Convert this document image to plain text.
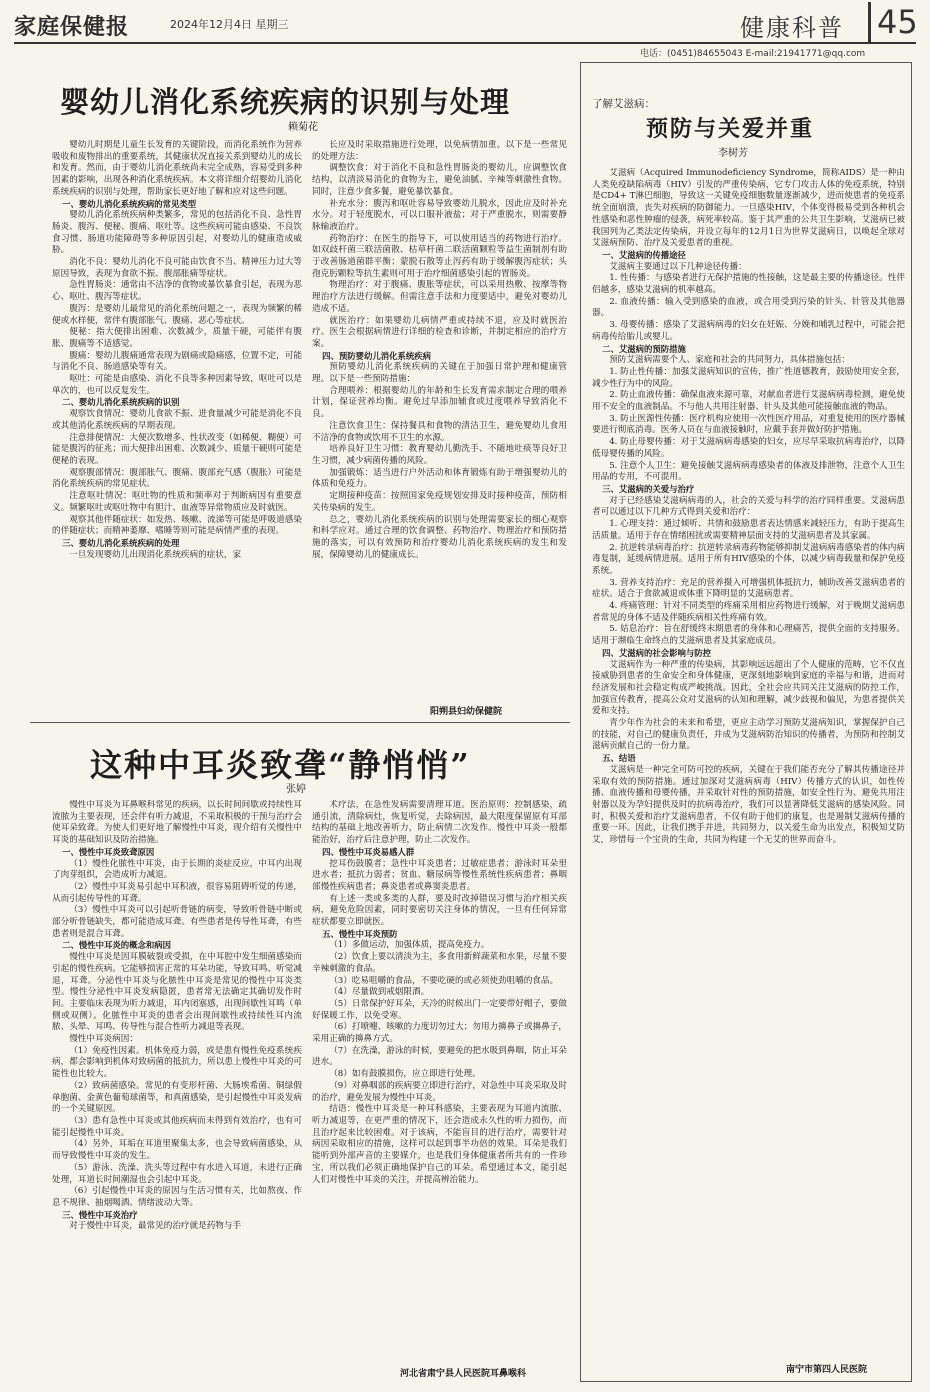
家庭保健报	2024年12月4日 星期三	健康科普 45
电话：(0451)84655043 E-mail:21941771@qq.com
婴幼儿消化系统疾病的识别与处理
赖菊花

婴幼儿时期是儿童生长发育的关键阶段，而消化系统作为营养吸收和废物排出的重要系统，其健康状况直接关系到婴幼儿的成长和发育。然而，由于婴幼儿消化系统尚未完全成熟，容易受到多种因素的影响，出现各种消化系统疾病。本文将详细介绍婴幼儿消化系统疾病的识别与处理，帮助家长更好地了解和应对这些问题。

一、婴幼儿消化系统疾病的常见类型

婴幼儿消化系统疾病种类繁多，常见的包括消化不良、急性胃肠炎、腹泻、便秘、腹痛、呕吐等。这些疾病可能由感染、不良饮食习惯、肠道功能障碍等多种原因引起，对婴幼儿的健康造成威胁。

消化不良：婴幼儿消化不良可能由饮食不当、精神压力过大等原因导致，表现为食欲不振、腹部胀痛等症状。

急性胃肠炎：通常由不洁净的食物或暴饮暴食引起，表现为恶心、呕吐、腹泻等症状。

腹泻：是婴幼儿最常见的消化系统问题之一，表现为频繁的稀便或水样便，常伴有腹部胀气、腹痛、恶心等症状。

便秘：指大便排出困难、次数减少，质量干硬，可能伴有腹胀、腹痛等不适感觉。

腹痛：婴幼儿腹痛通常表现为剧痛或隐痛感，位置不定，可能与消化不良、肠道感染等有关。

呕吐：可能是由感染、消化不良等多种因素导致，呕吐可以是单次的，也可以反复发生。

二、婴幼儿消化系统疾病的识别

观察饮食情况：婴幼儿食欲不振、进食量减少可能是消化不良或其他消化系统疾病的早期表现。

注意排便情况：大便次数增多、性状改变（如稀便、糊便）可能是腹泻的征兆；而大便排出困难、次数减少、质量干硬则可能是便秘的表现。

观察腹部情况：腹部胀气、腹痛、腹部充气感（腹胀）可能是消化系统疾病的常见症状。

注意呕吐情况：呕吐物的性质和频率对于判断病因有重要意义。频繁呕吐或呕吐物中有胆汁、血液等异常物质应及时就医。

观察其他伴随症状：如发热、咳嗽、流涕等可能是呼吸道感染的伴随症状；而精神萎靡、嗜睡等则可能是病情严重的表现。

三、婴幼儿消化系统疾病的处理

一旦发现婴幼儿出现消化系统疾病的症状，家

长应及时采取措施进行处理，以免病情加重。以下是一些常见的处理方法：

调整饮食：对于消化不良和急性胃肠炎的婴幼儿，应调整饮食结构，以清淡易消化的食物为主，避免油腻、辛辣等刺激性食物。同时，注意少食多餐，避免暴饮暴食。

补充水分：腹泻和呕吐容易导致婴幼儿脱水，因此应及时补充水分。对于轻度脱水，可以口服补液盐；对于严重脱水，则需要静脉输液治疗。

药物治疗：在医生的指导下，可以使用适当的药物进行治疗。如双歧杆菌三联活菌散、枯草杆菌二联活菌颗粒等益生菌制剂有助于改善肠道菌群平衡；蒙脱石散等止泻药有助于缓解腹泻症状；头孢克肟颗粒等抗生素则可用于治疗细菌感染引起的胃肠炎。

物理治疗：对于腹痛、腹胀等症状，可以采用热敷、按摩等物理治疗方法进行缓解。但需注意手法和力度要适中，避免对婴幼儿造成不适。

就医治疗：如果婴幼儿病情严重或持续不退，应及时就医治疗。医生会根据病情进行详细的检查和诊断，并制定相应的治疗方案。

四、预防婴幼儿消化系统疾病

预防婴幼儿消化系统疾病的关键在于加强日常护理和健康管理。以下是一些预防措施：

合理喂养：根据婴幼儿的年龄和生长发育需求制定合理的喂养计划，保证营养均衡。避免过早添加辅食或过度喂养导致消化不良。

注意饮食卫生：保持餐具和食物的清洁卫生，避免婴幼儿食用不洁净的食物或饮用不卫生的水源。

培养良好卫生习惯：教育婴幼儿勤洗手、不随地吐痰等良好卫生习惯，减少病菌传播的风险。

加强锻炼：适当进行户外活动和体育锻炼有助于增强婴幼儿的体质和免疫力。

定期接种疫苗：按照国家免疫规划安排及时接种疫苗，预防相关传染病的发生。

总之，婴幼儿消化系统疾病的识别与处理需要家长的细心观察和科学应对。通过合理的饮食调整、药物治疗、物理治疗和预防措施的落实，可以有效预防和治疗婴幼儿消化系统疾病的发生和发展，保障婴幼儿的健康成长。

阳朔县妇幼保健院
这种中耳炎致聋“静悄悄”
张婷

慢性中耳炎为耳鼻喉科常见的疾病，以长时间间歇或持续性耳流脓为主要表现，还会伴有听力减退，不采取积极的干预与治疗会使耳朵致聋。为使人们更好地了解慢性中耳炎，现介绍有关慢性中耳炎的基础知识及防治措施。

一、慢性中耳炎致聋原因

（1）慢性化脓性中耳炎，由于长期的炎症反应，中耳内出现了肉芽组织，会造成听力减退。

（2）慢性中耳炎易引起中耳积液，很容易阻碍听觉的传递，从而引起传导性的耳聋。

（3）慢性中耳炎可以引起听骨链的病变，导致听骨链中断或部分听骨链缺失，都可能造成耳聋。有些患者是传导性耳聋，有些患者则是混合耳聋。

二、慢性中耳炎的概念和病因

慢性中耳炎是因耳膜破裂或受损，在中耳腔中发生细菌感染而引起的慢性疾病。它能够损害正常的耳朵功能，导致耳鸣、听觉减退，耳聋。分泌性中耳炎与化脓性中耳炎是常见的慢性中耳炎类型。慢性分泌性中耳炎发病隐匿，患者常无法确定其确切发作时间。主要临床表现为听力减退，耳内闭塞感，出现间歇性耳鸣（单侧或双侧）。化脓性中耳炎的患者会出现间歇性或持续性耳内流脓、头晕、耳鸣、传导性与混合性听力减退等表现。

慢性中耳炎病因：

（1）免疫性因素。机体免疫力弱，或是患有慢性免疫系统疾病，都会影响到机体对致病菌的抵抗力，所以患上慢性中耳炎的可能性也比较大。

（2）致病菌感染。常见的有变形杆菌、大肠埃希菌、铜绿假单胞菌、金黄色葡萄球菌等，和真菌感染，是引起慢性中耳炎发病的一个关键原因。

（3）患有急性中耳炎或其他疾病而未得到有效治疗，也有可能引起慢性中耳炎。

（4）另外，耳垢在耳道里聚集太多，也会导致病菌感染，从而导致慢性中耳炎的发生。

（5）游泳、洗澡、洗头等过程中有水进入耳道，未进行正确处理，耳道长时间潮湿也会引起中耳炎。

（6）引起慢性中耳炎的原因与生活习惯有关，比如熬夜、作息不规律、抽烟喝酒、情绪波动大等。

三、慢性中耳炎治疗

对于慢性中耳炎，最常见的治疗就是药物与手

术疗法，在急性发病需要清理耳道。医治原则：控制感染，疏通引流，清除病灶，恢复听觉，去除病因，最大限度保留原有耳部结构的基础上地改善听力，防止病情二次发作。慢性中耳炎一般都能治好，治疗后注意护理，防止二次发作。

四、慢性中耳炎易感人群

挖耳伤鼓膜者；急性中耳炎患者；过敏症患者；游泳时耳朵里进水者；抵抗力弱者；贫血、糖尿病等慢性系统性疾病患者；鼻咽部慢性疾病患者；鼻炎患者或鼻窦炎患者。

有上述一类或多类的人群，要及时改掉错误习惯与治疗相关疾病，避免危险因素，同时要密切关注身体的情况，一旦有任何异常症状都要立即就医。

五、慢性中耳炎预防

（1）多做运动，加强体质，提高免疫力。

（2）饮食上要以清淡为主，多食用新鲜蔬菜和水果，尽量不要辛辣刺激的食品。

（3）吃易咀嚼的食品，不要吃硬的或必须使劲咀嚼的食品。

（4）尽量做到戒烟限酒。

（5）日常保护好耳朵，天冷的时候出门一定要带好帽子，要做好保暖工作，以免受寒。

（6）打喷嚏、咳嗽的力度切勿过大；勿用力擤鼻子或擤鼻子，采用正确的擤鼻方式。

（7）在洗澡，游泳的时候，要避免的把水吸到鼻咽，防止耳朵进水。

（8）如有鼓膜损伤，应立即进行处理。

（9）对鼻咽部的疾病要立即进行治疗，对急性中耳炎采取及时的治疗，避免发展为慢性中耳炎。

结语：慢性中耳炎是一种耳科感染，主要表现为耳道内流脓、听力减退等，在更严重的情况下，还会造成永久性的听力损伤，而且治疗起来比较困难。对于该病，不能盲目的进行治疗，需要针对病因采取相应的措施，这样可以起到事半功倍的效果。耳朵是我们能听到外部声音的主要媒介，也是我们身体健康者所共有的一件珍宝，所以我们必须正确地保护自己的耳朵。希望通过本文，能引起人们对慢性中耳炎的关注，并提高辨治能力。

河北省肃宁县人民医院耳鼻喉科
了解艾滋病：
预防与关爱并重
李树芳

艾滋病（Acquired Immunodeficiency Syndrome，简称AIDS）是一种由人类免疫缺陷病毒（HIV）引发的严重传染病，它专门攻击人体的免疫系统，特别是CD4+ T淋巴细胞，导致这一关键免疫细胞数量逐渐减少，进而使患者的免疫系统全面崩溃，丧失对疾病的防御能力。一旦感染HIV，个体变得极易受到各种机会性感染和恶性肿瘤的侵袭，病死率较高。鉴于其严重的公共卫生影响，艾滋病已被我国列为乙类法定传染病，并设立每年的12月1日为世界艾滋病日，以唤起全球对艾滋病预防、治疗及关爱患者的重视。

一、艾滋病的传播途径

艾滋病主要通过以下几种途径传播：

1. 性传播：与感染者进行无保护措施的性接触，这是最主要的传播途径。性伴侣越多，感染艾滋病的机率越高。

2. 血液传播：输入受到感染的血液，或合用受到污染的针头、针管及其他器器。

3. 母婴传播：感染了艾滋病病毒的妇女在妊娠、分娩和哺乳过程中，可能会把病毒传给胎儿或婴儿。

二、艾滋病的预防措施

预防艾滋病需要个人、家庭和社会的共同努力，具体措施包括：

1. 防止性传播：加强艾滋病知识的宣传，推广性道德教育，鼓励使用安全套，减少性行为中的风险。

2. 防止血液传播：确保血液来源可靠，对献血者进行艾滋病病毒检测，避免使用不安全的血液制品。不与他人共用注射器、针头及其他可能接触血液的物品。

3. 防止医源性传播：医疗机构应使用一次性医疗用品，对重复使用的医疗器械要进行彻底消毒。医务人员在与血液接触时，应戴手套并做好防护措施。

4. 防止母婴传播：对于艾滋病病毒感染的妇女，应尽早采取抗病毒治疗，以降低母婴传播的风险。

5. 注意个人卫生：避免接触艾滋病病毒感染者的体液及排泄物，注意个人卫生用品的专用，不可混用。

三、艾滋病的关爱与治疗

对于已经感染艾滋病病毒的人，社会的关爱与科学的治疗同样重要。艾滋病患者可以通过以下几种方式得到关爱和治疗：

1. 心理支持：通过倾听、共情和鼓励患者表达情感来减轻压力，有助于提高生活质量。适用于存在情绪困扰或需要精神层面支持的艾滋病患者及其家属。

2. 抗逆转录病毒治疗：抗逆转录病毒药物能够抑制艾滋病病毒感染者的体内病毒复制，延缓病情进展。适用于所有HIV感染的个体，以减少病毒载量和保护免疫系统。

3. 营养支持治疗：充足的营养摄入可增强机体抵抗力，辅助改善艾滋病患者的症状。适合于食欲减退或体重下降明显的艾滋病患者。

4. 疼痛管理：针对不同类型的疼痛采用相应药物进行缓解，对于晚期艾滋病患者常见的身体不适及伴随疾病相关性疼痛有效。

5. 姑息治疗：旨在舒缓终末期患者的身体和心理痛苦，提供全面的支持服务。适用于濒临生命终点的艾滋病患者及其家庭成员。

四、艾滋病的社会影响与防控

艾滋病作为一种严重的传染病，其影响远远超出了个人健康的范畴，它不仅直接威胁到患者的生命安全和身体健康，更深刻地影响到家庭的幸福与和谐，进而对经济发展和社会稳定构成严峻挑战。因此，全社会应共同关注艾滋病的防控工作，加强宣传教育，提高公众对艾滋病的认知和理解，减少歧视和偏见，为患者提供关爱和支持。

青少年作为社会的未来和希望，更应主动学习预防艾滋病知识，掌握保护自己的技能，对自己的健康负责任，并成为艾滋病防治知识的传播者，为预防和控制艾滋病贡献自己的一份力量。

五、结语

艾滋病是一种完全可防可控的疾病，关键在于我们能否充分了解其传播途径并采取有效的预防措施。通过加深对艾滋病病毒（HIV）传播方式的认识，如性传播、血液传播和母婴传播，并采取针对性的预防措施，如安全性行为、避免共用注射器以及为孕妇提供及时的抗病毒治疗，我们可以显著降低艾滋病的感染风险。同时，积极关爱和治疗艾滋病患者，不仅有助于他们的康复，也是遏制艾滋病传播的重要一环。因此，让我们携手并进，共同努力，以关爱生命为出发点，积极知艾防艾，珍惜每一个宝贵的生命，共同为构建一个无艾的世界而奋斗。

南宁市第四人民医院
